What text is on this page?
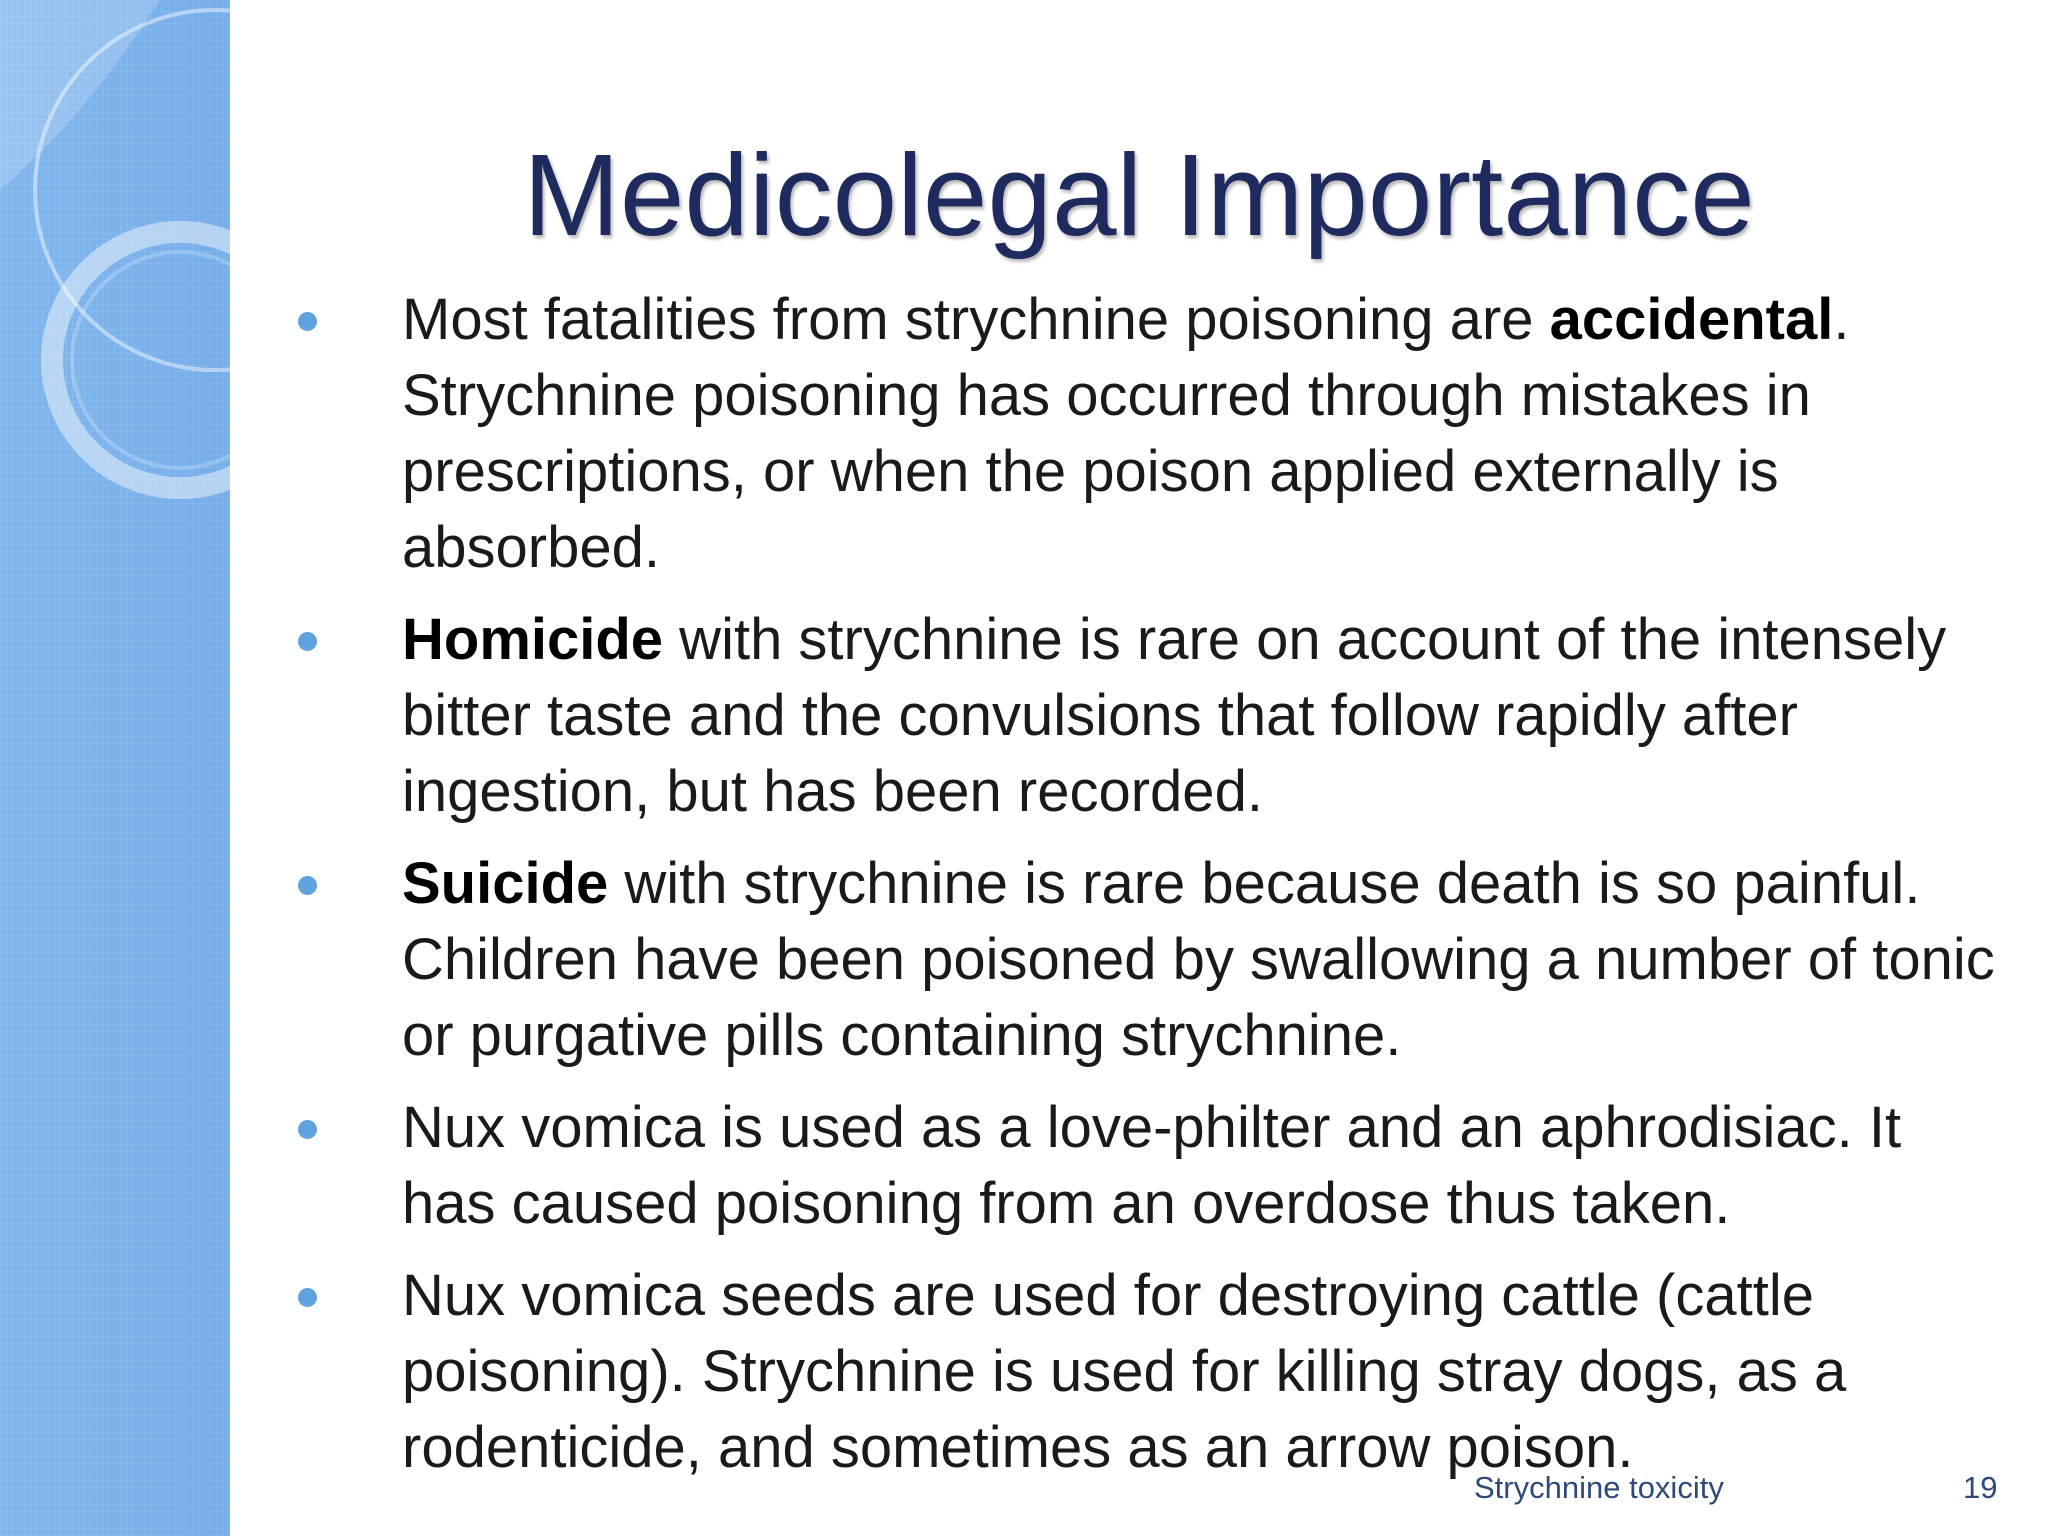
Medicolegal Importance
Most fatalities from strychnine poisoning are accidental. Strychnine poisoning has occurred through mistakes in prescriptions, or when the poison applied externally is absorbed.
Homicide with strychnine is rare on account of the intensely bitter taste and the convulsions that follow rapidly after ingestion, but has been recorded.
Suicide with strychnine is rare because death is so painful. Children have been poisoned by swallowing a number of tonic or purgative pills containing strychnine.
Nux vomica is used as a love-philter and an aphrodisiac. It has caused poisoning from an overdose thus taken.
Nux vomica seeds are used for destroying cattle (cattle poisoning). Strychnine is used for killing stray dogs, as a rodenticide, and sometimes as an arrow poison.
Strychnine toxicity	19
